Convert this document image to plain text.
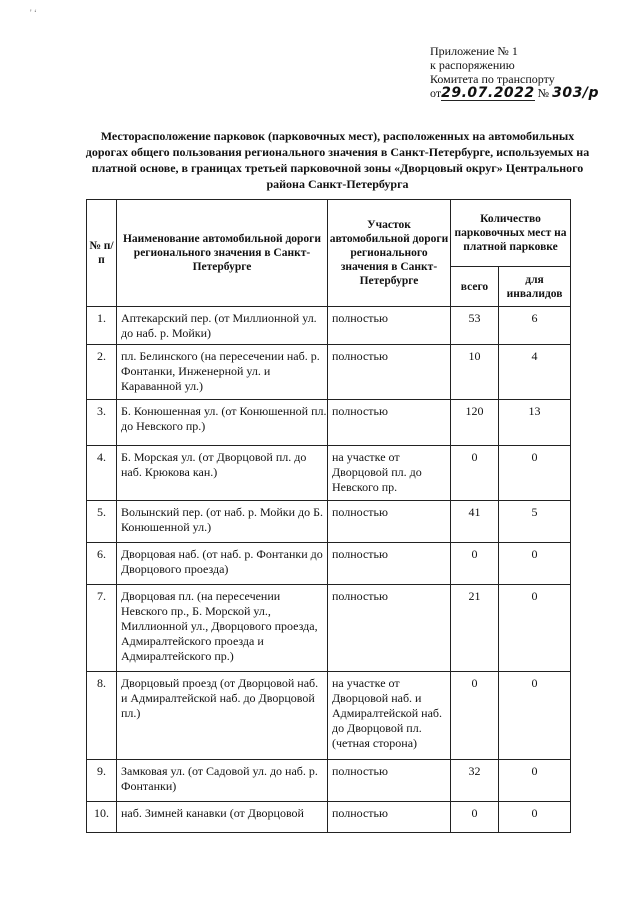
' ‘
Приложение № 1
к распоряжению
Комитета по транспорту
от29.07.2022 № 303/р
Месторасположение парковок (парковочных мест), расположенных на автомобильных дорогах общего пользования регионального значения в Санкт-Петербурге, используемых на платной основе, в границах третьей парковочной зоны «Дворцовый округ» Центрального района Санкт-Петербурга
№ п/п	Наименование автомобильной дороги регионального значения в Санкт-Петербурге	Участок автомобильной дороги регионального значения в Санкт-Петербурге	Количество парковочных мест на платной парковке	
			всего	для инвалидов
1.	Аптекарский пер. (от Миллионной ул. до наб. р. Мойки)	полностью	53	6
2.	пл. Белинского (на пересечении наб. р. Фонтанки, Инженерной ул. и Караванной ул.)	полностью	10	4
3.	Б. Конюшенная ул. (от Конюшенной пл. до Невского пр.)	полностью	120	13
4.	Б. Морская ул. (от Дворцовой пл. до наб. Крюкова кан.)	на участке от Дворцовой пл. до Невского пр.	0	0
5.	Волынский пер. (от наб. р. Мойки до Б. Конюшенной ул.)	полностью	41	5
6.	Дворцовая наб. (от наб. р. Фонтанки до Дворцового проезда)	полностью	0	0
7.	Дворцовая пл. (на пересечении Невского пр., Б. Морской ул., Миллионной ул., Дворцового проезда, Адмиралтейского проезда и Адмиралтейского пр.)	полностью	21	0
8.	Дворцовый проезд (от Дворцовой наб. и Адмиралтейской наб. до Дворцовой пл.)	на участке от Дворцовой наб. и Адмиралтейской наб. до Дворцовой пл. (четная сторона)	0	0
9.	Замковая ул. (от Садовой ул. до наб. р. Фонтанки)	полностью	32	0
10.	наб. Зимней канавки (от Дворцовой	полностью	0	0
